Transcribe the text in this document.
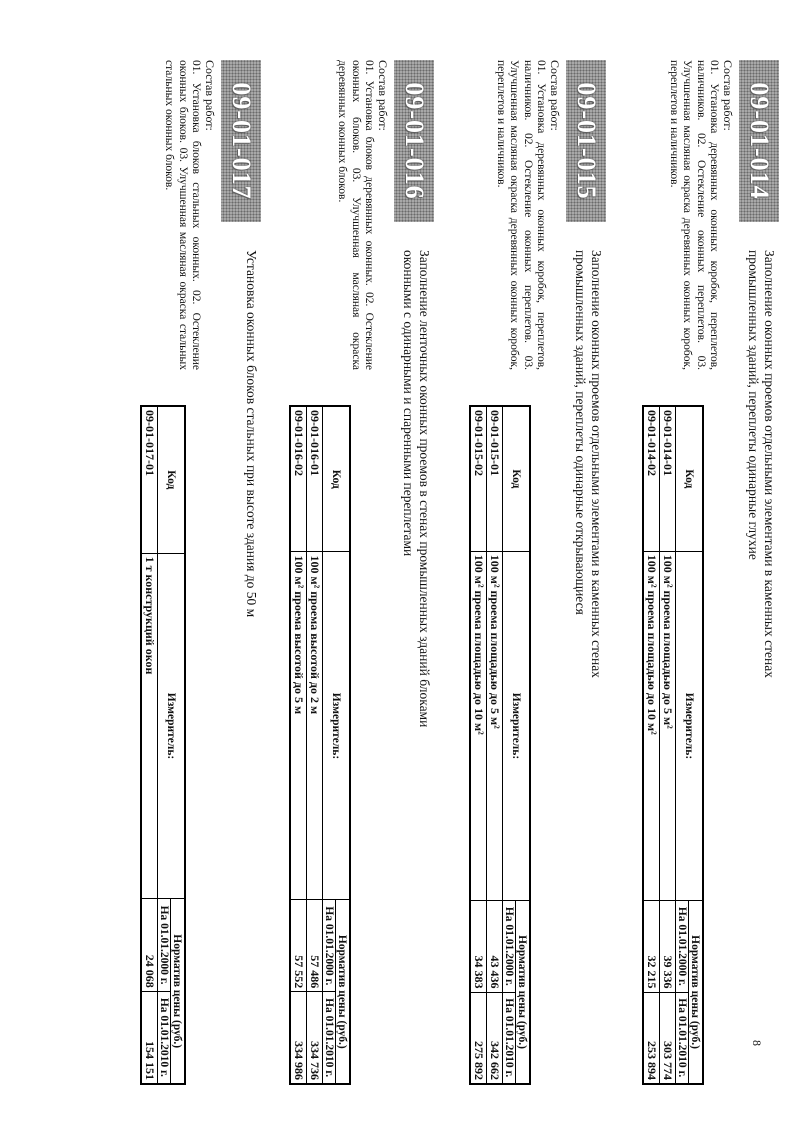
8
09-01-014
Заполнение оконных проемов отдельными элементами в каменных стенах промышленных зданий, переплеты одинарные глухие
Состав работ:
01. Установка деревянных оконных коробок, переплетов, наличников. 02. Остекление оконных переплетов. 03. Улучшенная масляная окраска деревянных оконных коробок, переплетов и наличников.
Код	Измеритель:	Норматив цены (руб.)	
		На 01.01.2000 г.	На 01.01.2010 г.
09-01-014-01	100 м² проема площадью до 5 м²	39 336	303 774
09-01-014-02	100 м² проема площадью до 10 м²	32 215	253 894
09-01-015
Заполнение оконных проемов отдельными элементами в каменных стенах промышленных зданий, переплеты одинарные открывающиеся
Состав работ:
01. Установка деревянных оконных коробок, переплетов, наличников. 02. Остекление оконных переплетов. 03. Улучшенная масляная окраска деревянных оконных коробок, переплетов и наличников.
Код	Измеритель:	Норматив цены (руб.)	
		На 01.01.2000 г.	На 01.01.2010 г.
09-01-015-01	100 м² проема площадью до 5 м²	43 436	342 662
09-01-015-02	100 м² проема площадью до 10 м²	34 383	275 892
09-01-016
Заполнение ленточных оконных проемов в стенах промышленных зданий блоками оконными с одинарными и спаренными переплетами
Состав работ:
01. Установка блоков деревянных оконных. 02. Остекление оконных блоков. 03. Улучшенная масляная окраска деревянных оконных блоков.
Код	Измеритель:	Норматив цены (руб.)	
		На 01.01.2000 г.	На 01.01.2010 г.
09-01-016-01	100 м² проема высотой до 2 м	57 486	334 736
09-01-016-02	100 м² проема высотой до 5 м	57 552	334 986
09-01-017
Установка оконных блоков стальных при высоте здания до 50 м
Состав работ:
01. Установка блоков стальных оконных. 02. Остекление оконных блоков. 03. Улучшенная масляная окраска стальных стальных оконных блоков.
Код	Измеритель:	Норматив цены (руб.)	
		На 01.01.2000 г.	На 01.01.2010 г.
09-01-017-01	1 т конструкций окон	24 068	154 151
